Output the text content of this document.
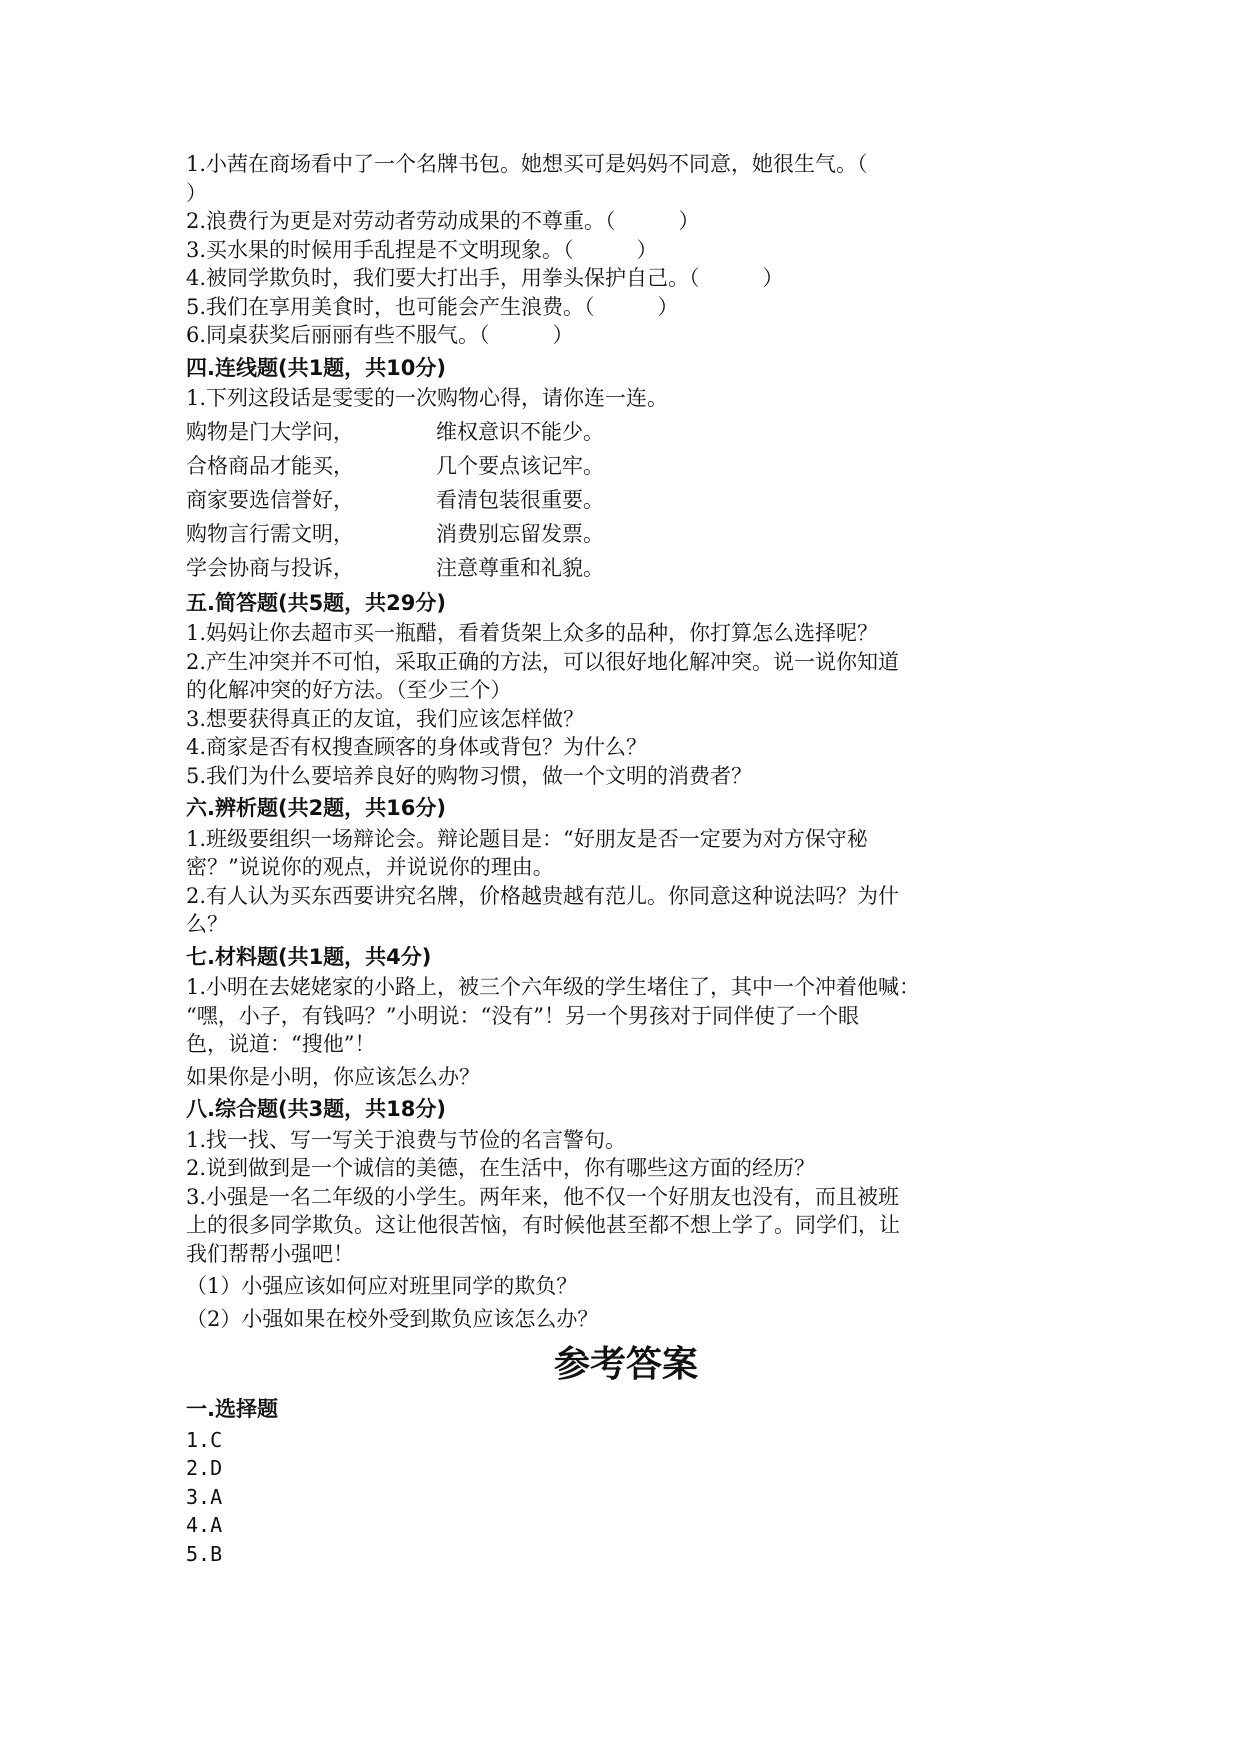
1.小茜在商场看中了一个名牌书包。她想买可是妈妈不同意，她很生气。（
）
2.浪费行为更是对劳动者劳动成果的不尊重。（　　　）
3.买水果的时候用手乱捏是不文明现象。（　　　）
4.被同学欺负时，我们要大打出手，用拳头保护自己。（　　　）
5.我们在享用美食时，也可能会产生浪费。（　　　）
6.同桌获奖后丽丽有些不服气。（　　　）
四.连线题(共1题，共10分)
1.下列这段话是雯雯的一次购物心得，请你连一连。
购物是门大学问，	维权意识不能少。
合格商品才能买，	几个要点该记牢。
商家要选信誉好，	看清包装很重要。
购物言行需文明，	消费别忘留发票。
学会协商与投诉，	注意尊重和礼貌。
五.简答题(共5题，共29分)
1.妈妈让你去超市买一瓶醋，看着货架上众多的品种，你打算怎么选择呢？
2.产生冲突并不可怕，采取正确的方法，可以很好地化解冲突。说一说你知道
的化解冲突的好方法。（至少三个）
3.想要获得真正的友谊，我们应该怎样做？
4.商家是否有权搜查顾客的身体或背包？为什么？
5.我们为什么要培养良好的购物习惯，做一个文明的消费者？
六.辨析题(共2题，共16分)
1.班级要组织一场辩论会。辩论题目是：“好朋友是否一定要为对方保守秘
密？”说说你的观点，并说说你的理由。
2.有人认为买东西要讲究名牌，价格越贵越有范儿。你同意这种说法吗？为什
么？
七.材料题(共1题，共4分)
1.小明在去姥姥家的小路上，被三个六年级的学生堵住了，其中一个冲着他喊：
“嘿，小子，有钱吗？”小明说：“没有”！另一个男孩对于同伴使了一个眼
色，说道：“搜他”！
如果你是小明，你应该怎么办？
八.综合题(共3题，共18分)
1.找一找、写一写关于浪费与节俭的名言警句。
2.说到做到是一个诚信的美德，在生活中，你有哪些这方面的经历？
3.小强是一名二年级的小学生。两年来，他不仅一个好朋友也没有，而且被班
上的很多同学欺负。这让他很苦恼，有时候他甚至都不想上学了。同学们，让
我们帮帮小强吧！
（1）小强应该如何应对班里同学的欺负？
（2）小强如果在校外受到欺负应该怎么办？
参考答案
一.选择题
1.C
2.D
3.A
4.A
5.B
